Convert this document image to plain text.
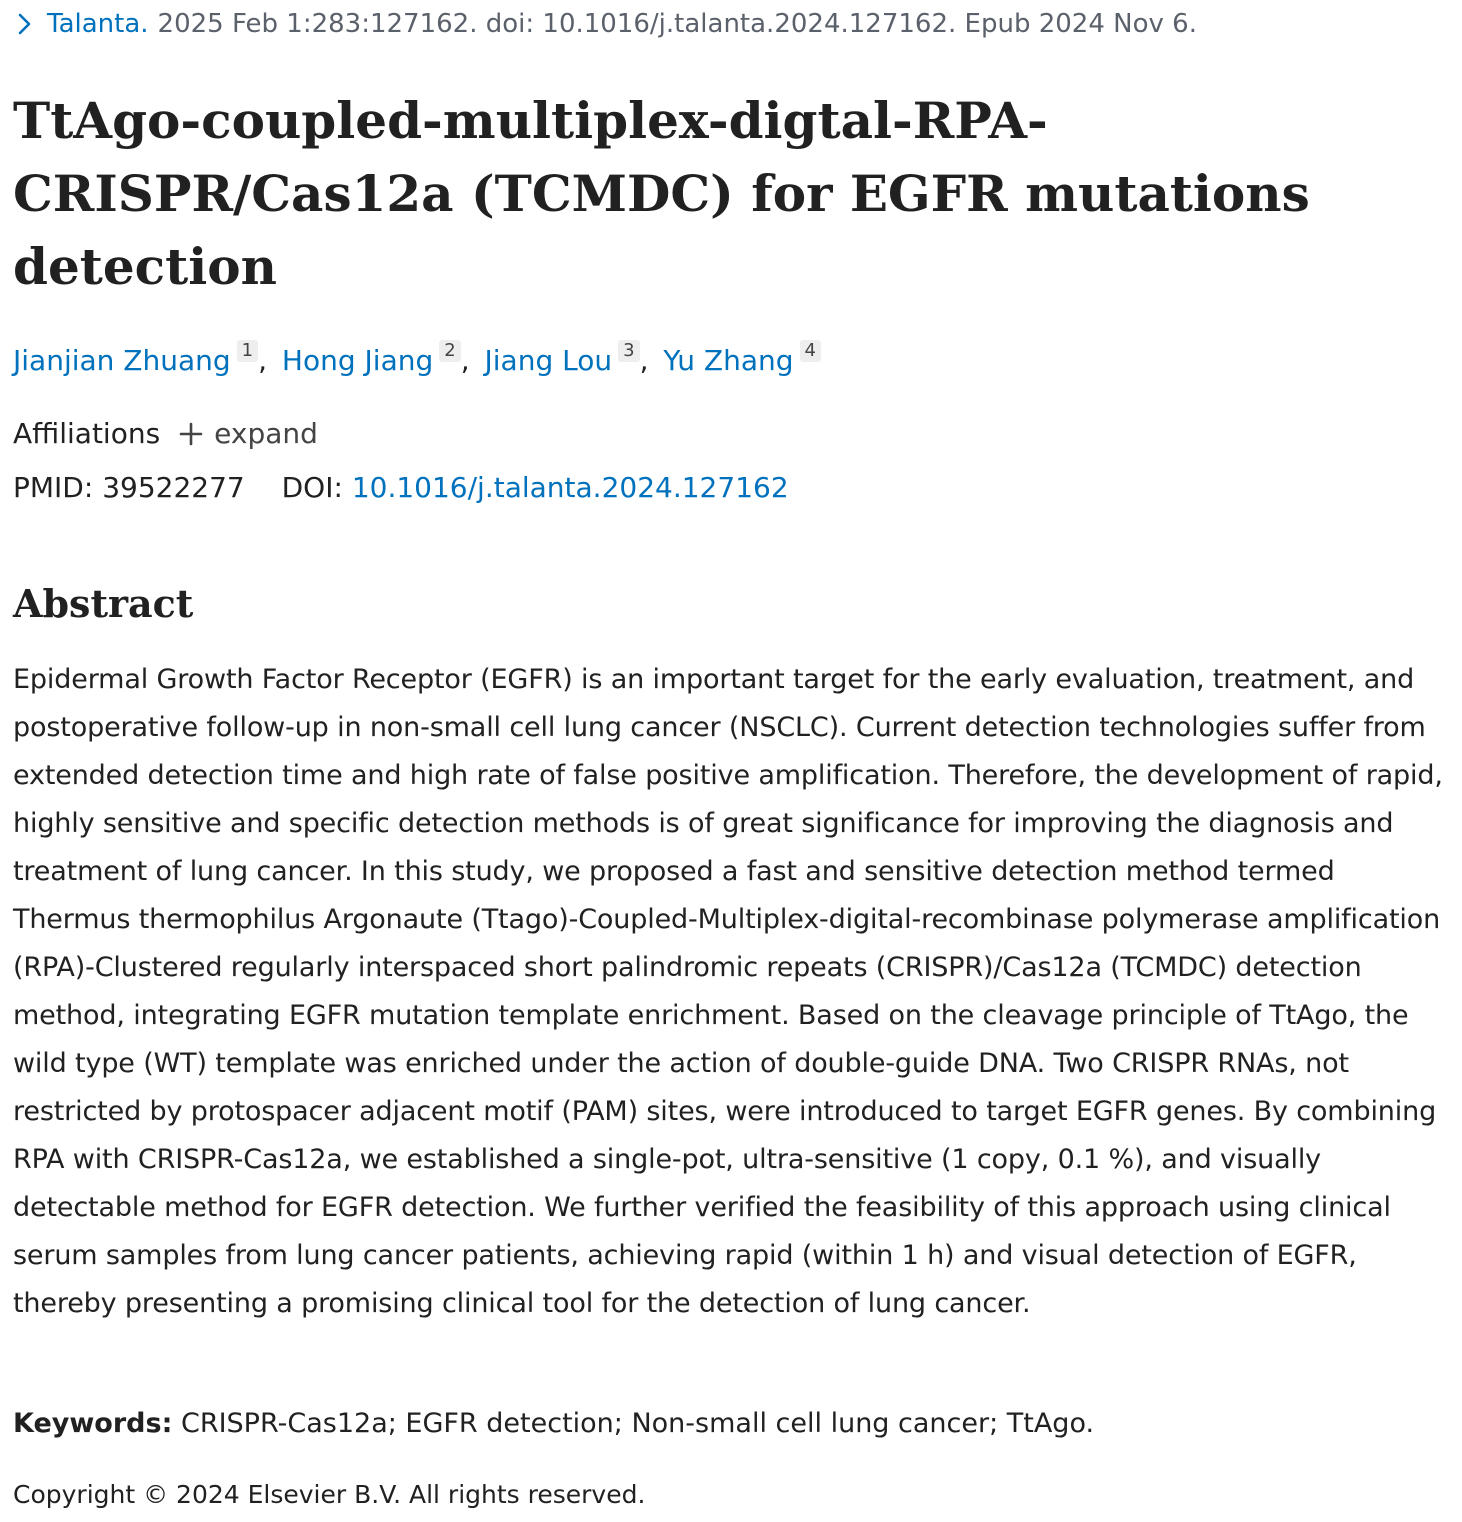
Talanta. 2025 Feb 1:283:127162. doi: 10.1016/j.talanta.2024.127162. Epub 2024 Nov 6.
TtAgo-coupled-multiplex-digtal-RPA-CRISPR/Cas12a (TCMDC) for EGFR mutations detection
Jianjian Zhuang 1 , Hong Jiang 2 , Jiang Lou 3 , Yu Zhang 4
Affiliations expand
PMID: 39522277 DOI: 10.1016/j.talanta.2024.127162
Abstract

Epidermal Growth Factor Receptor (EGFR) is an important target for the early evaluation, treatment, and postoperative follow-up in non-small cell lung cancer (NSCLC). Current detection technologies suffer from extended detection time and high rate of false positive amplification. Therefore, the development of rapid, highly sensitive and specific detection methods is of great significance for improving the diagnosis and treatment of lung cancer. In this study, we proposed a fast and sensitive detection method termed Thermus thermophilus Argonaute (Ttago)-Coupled-Multiplex-digital-recombinase polymerase amplification (RPA)-Clustered regularly interspaced short palindromic repeats (CRISPR)/Cas12a (TCMDC) detection method, integrating EGFR mutation template enrichment. Based on the cleavage principle of TtAgo, the wild type (WT) template was enriched under the action of double-guide DNA. Two CRISPR RNAs, not restricted by protospacer adjacent motif (PAM) sites, were introduced to target EGFR genes. By combining RPA with CRISPR-Cas12a, we established a single-pot, ultra-sensitive (1 copy, 0.1 %), and visually detectable method for EGFR detection. We further verified the feasibility of this approach using clinical serum samples from lung cancer patients, achieving rapid (within 1 h) and visual detection of EGFR, thereby presenting a promising clinical tool for the detection of lung cancer.

Keywords: CRISPR-Cas12a; EGFR detection; Non-small cell lung cancer; TtAgo.

Copyright © 2024 Elsevier B.V. All rights reserved.
